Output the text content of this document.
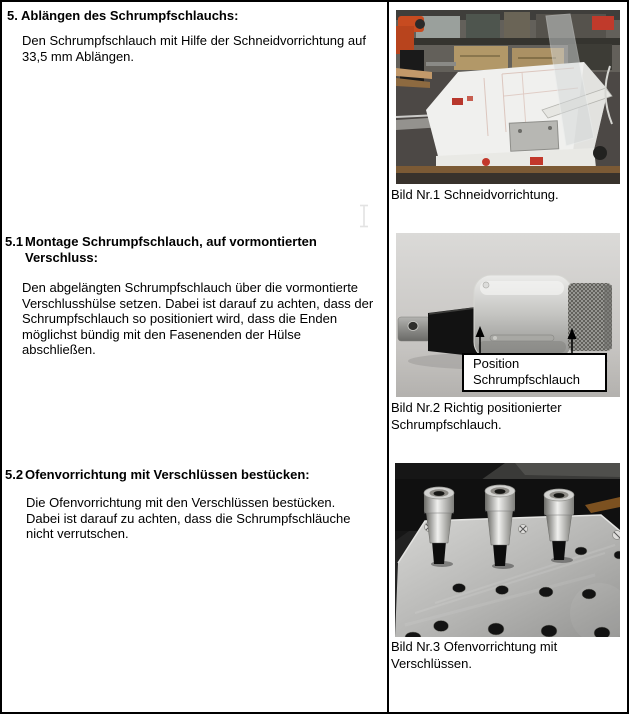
5. Ablängen des Schrumpfschlauchs:

Den Schrumpfschlauch mit Hilfe der Schneidvorrichtung auf 33,5 mm Ablängen.

5.1 Montage Schrumpfschlauch, auf vormontierten Verschluss:

Den abgelängten Schrumpfschlauch über die vormontierte Verschlusshülse setzen. Dabei ist darauf zu achten, dass der Schrumpfschlauch so positioniert wird, dass die Enden möglichst bündig mit den Fasenenden der Hülse abschließen.

5.2 Ofenvorrichtung mit Verschlüssen bestücken:

Die Ofenvorrichtung mit den Verschlüssen bestücken. Dabei ist darauf zu achten, dass die Schrumpfschläuche nicht verrutschen.

Bild Nr.1 Schneidvorrichtung.
Position Schrumpfschlauch
Bild Nr.2 Richtig positionierter Schrumpfschlauch.
Bild Nr.3 Ofenvorrichtung mit Verschlüssen.
